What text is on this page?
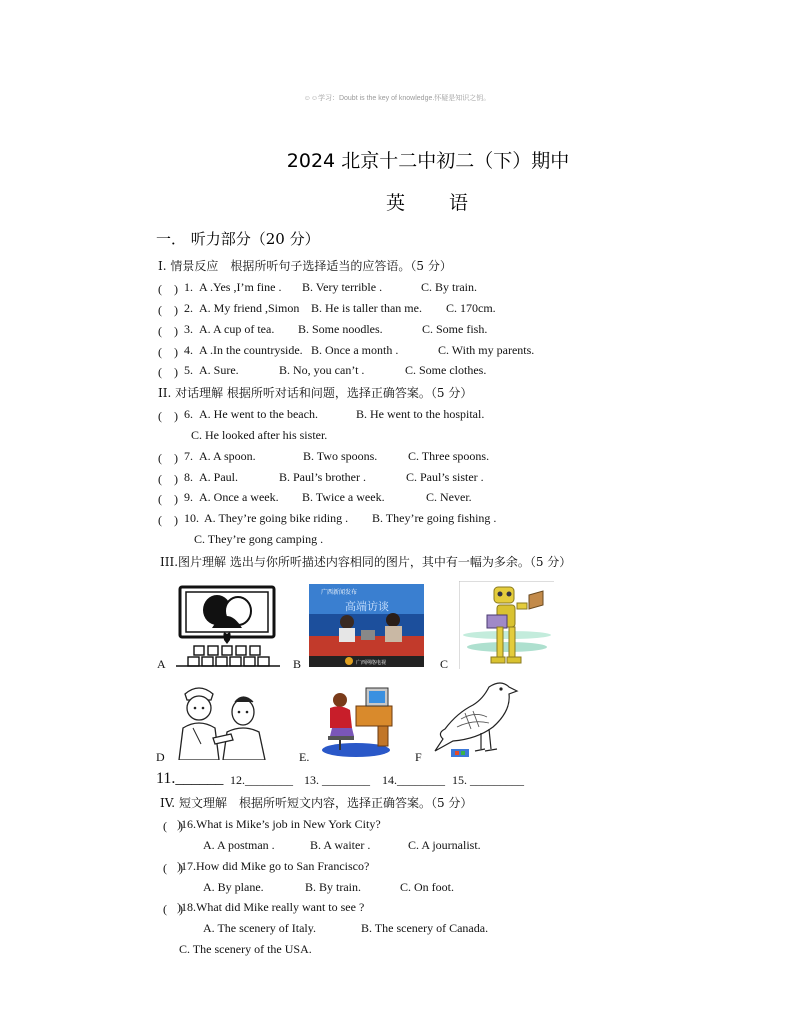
☺☺学习：Doubt is the key of knowledge.怀疑是知识之钥。
2024 北京十二中初二（下）期中
英　　语
一． 听力部分（20 分）
Ⅰ. 情景反应　根据所听句子选择适当的应答语。（5 分）
(　) 1. A .Yes ,I’m fine . B. Very terrible .	C. By train.
(　) 2. A. My friend ,Simon B. He is taller than me. C. 170cm.
(　) 3. A. A cup of tea. B. Some noodles.	C. Some fish.
(　) 4. A .In the countryside. B. Once a month .	C. With my parents.
(　) 5. A. Sure.	B. No, you can’t .	C. Some clothes.
II. 对话理解 根据所听对话和问题，选择正确答案。（5 分）
(　) 6. A. He went to the beach.	B. He went to the hospital.
C. He looked after his sister.
(　) 7. A. A spoon.	B. Two spoons.	C. Three spoons.
(　) 8. A. Paul.	B. Paul’s brother .	C. Paul’s sister .
(　) 9. A. Once a week. B. Twice a week.	C. Never.
(　) 10. A. They’re going bike riding . B. They’re going fishing .
C. They’re gong camping .
III.图片理解 选出与你所听描述内容相同的图片，其中有一幅为多余。（5 分）
A
广西新闻发布
高端访谈
广西网络电视
B	C
D	E.	F
11.______ 12.________ 13. ________ 14.________ 15. _________
IV. 短文理解　根据所听短文内容，选择正确答案。（5 分）
(　)
)16.What is Mike’s job in New York City?
A. A postman .	B. A waiter .	C. A journalist.
(　)
)17.How did Mike go to San Francisco?
A. By plane.	B. By train.	C. On foot.
(　)
)18.What did Mike really want to see ?
A. The scenery of Italy.	B. The scenery of Canada.
C. The scenery of the USA.
